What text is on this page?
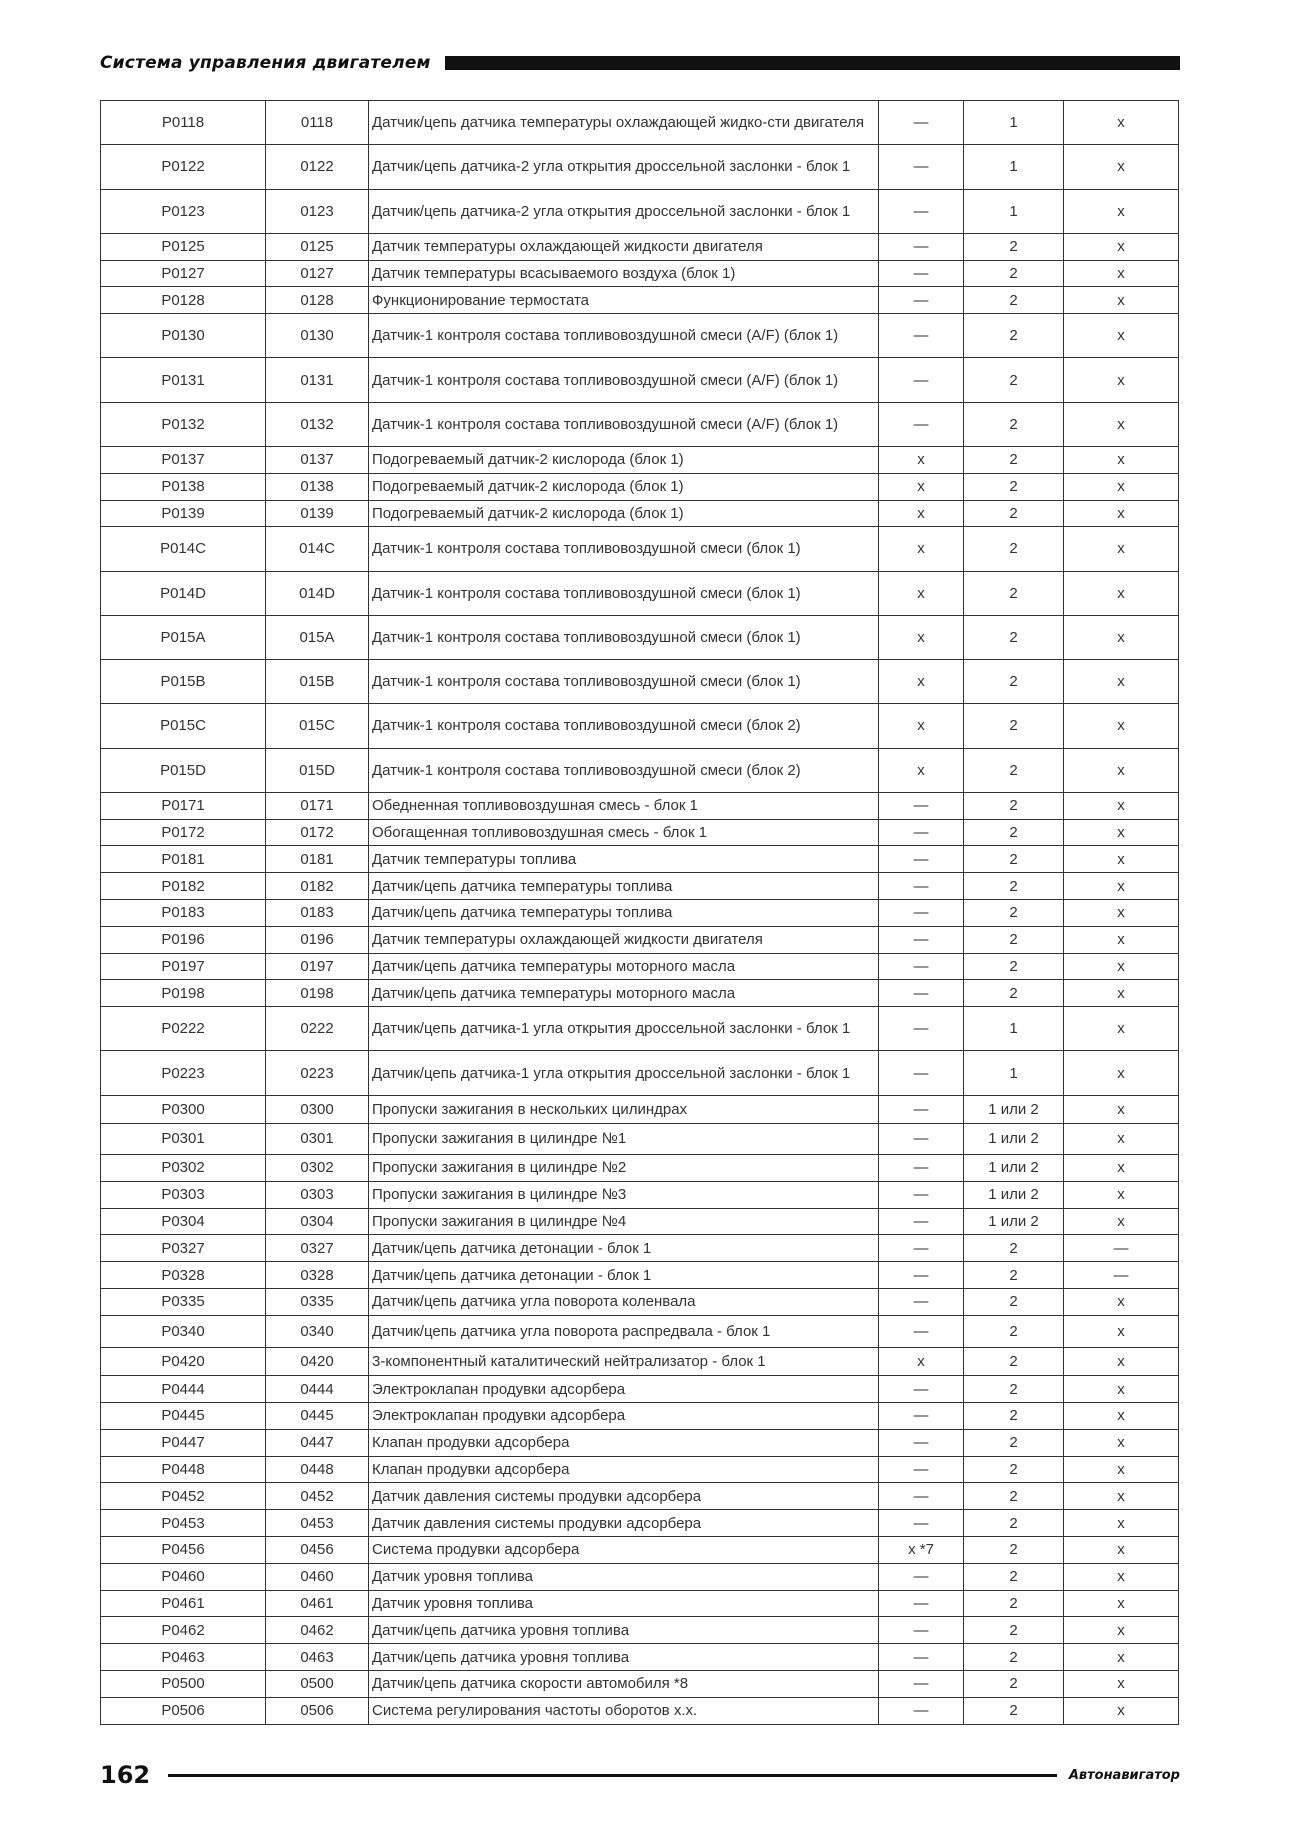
Система управления двигателем
P0118	0118	Датчик/цепь датчика температуры охлаждающей жидко-сти двигателя	—	1	x
P0122	0122	Датчик/цепь датчика-2 угла открытия дроссельной заслонки - блок 1	—	1	x
P0123	0123	Датчик/цепь датчика-2 угла открытия дроссельной заслонки - блок 1	—	1	x
P0125	0125	Датчик температуры охлаждающей жидкости двигателя	—	2	x
P0127	0127	Датчик температуры всасываемого воздуха (блок 1)	—	2	x
P0128	0128	Функционирование термостата	—	2	x
P0130	0130	Датчик-1 контроля состава топливовоздушной смеси (A/F) (блок 1)	—	2	x
P0131	0131	Датчик-1 контроля состава топливовоздушной смеси (A/F) (блок 1)	—	2	x
P0132	0132	Датчик-1 контроля состава топливовоздушной смеси (A/F) (блок 1)	—	2	x
P0137	0137	Подогреваемый датчик-2 кислорода (блок 1)	x	2	x
P0138	0138	Подогреваемый датчик-2 кислорода (блок 1)	x	2	x
P0139	0139	Подогреваемый датчик-2 кислорода (блок 1)	x	2	x
P014C	014C	Датчик-1 контроля состава топливовоздушной смеси (блок 1)	x	2	x
P014D	014D	Датчик-1 контроля состава топливовоздушной смеси (блок 1)	x	2	x
P015A	015A	Датчик-1 контроля состава топливовоздушной смеси (блок 1)	x	2	x
P015B	015B	Датчик-1 контроля состава топливовоздушной смеси (блок 1)	x	2	x
P015C	015C	Датчик-1 контроля состава топливовоздушной смеси (блок 2)	x	2	x
P015D	015D	Датчик-1 контроля состава топливовоздушной смеси (блок 2)	x	2	x
P0171	0171	Обедненная топливовоздушная смесь - блок 1	—	2	x
P0172	0172	Обогащенная топливовоздушная смесь - блок 1	—	2	x
P0181	0181	Датчик температуры топлива	—	2	x
P0182	0182	Датчик/цепь датчика температуры топлива	—	2	x
P0183	0183	Датчик/цепь датчика температуры топлива	—	2	x
P0196	0196	Датчик температуры охлаждающей жидкости двигателя	—	2	x
P0197	0197	Датчик/цепь датчика температуры моторного масла	—	2	x
P0198	0198	Датчик/цепь датчика температуры моторного масла	—	2	x
P0222	0222	Датчик/цепь датчика-1 угла открытия дроссельной заслонки - блок 1	—	1	x
P0223	0223	Датчик/цепь датчика-1 угла открытия дроссельной заслонки - блок 1	—	1	x
P0300	0300	Пропуски зажигания в нескольких цилиндрах	—	1 или 2	x
P0301	0301	Пропуски зажигания в цилиндре №1	—	1 или 2	x
P0302	0302	Пропуски зажигания в цилиндре №2	—	1 или 2	x
P0303	0303	Пропуски зажигания в цилиндре №3	—	1 или 2	x
P0304	0304	Пропуски зажигания в цилиндре №4	—	1 или 2	x
P0327	0327	Датчик/цепь датчика детонации - блок 1	—	2	—
P0328	0328	Датчик/цепь датчика детонации - блок 1	—	2	—
P0335	0335	Датчик/цепь датчика угла поворота коленвала	—	2	x
P0340	0340	Датчик/цепь датчика угла поворота распредвала - блок 1	—	2	x
P0420	0420	3-компонентный каталитический нейтрализатор - блок 1	x	2	x
P0444	0444	Электроклапан продувки адсорбера	—	2	x
P0445	0445	Электроклапан продувки адсорбера	—	2	x
P0447	0447	Клапан продувки адсорбера	—	2	x
P0448	0448	Клапан продувки адсорбера	—	2	x
P0452	0452	Датчик давления системы продувки адсорбера	—	2	x
P0453	0453	Датчик давления системы продувки адсорбера	—	2	x
P0456	0456	Система продувки адсорбера	x *7	2	x
P0460	0460	Датчик уровня топлива	—	2	x
P0461	0461	Датчик уровня топлива	—	2	x
P0462	0462	Датчик/цепь датчика уровня топлива	—	2	x
P0463	0463	Датчик/цепь датчика уровня топлива	—	2	x
P0500	0500	Датчик/цепь датчика скорости автомобиля *8	—	2	x
P0506	0506	Система регулирования частоты оборотов х.х.	—	2	x
162	Автонавигатор
